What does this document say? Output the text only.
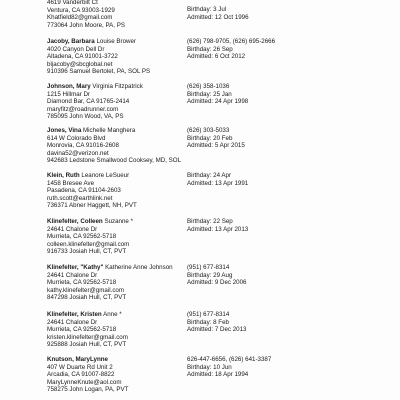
4619 Vanderbilt Ct
Ventura, CA 93003-1929
Khatfield82@gmail.com
773064 John Moore, PA, PS
Birthday: 3 Jul
Admitted: 12 Oct 1996
Jacoby, Barbara Louise Brower
4020 Canyon Dell Dr
Altadena, CA 91001-3722
bljacoby@sbcglobal.net
910396 Samuel Bertolet, PA, SOL PS
(626) 798-9705, (626) 695-2666
Birthday: 26 Sep
Admitted: 6 Oct 2012
Johnson, Mary Virginia Fitzpatrick
1215 Hillmar Dr
Diamond Bar, CA 91765-2414
maryfitz@roadrunner.com
785095 John Wood, VA, PS
(626) 358-1036
Birthday: 25 Jan
Admitted: 24 Apr 1998
Jones, Vina Michelle Manghera
614 W Colorado Blvd
Monrovia, CA 91016-2608
davina52@verizon.net
942683 Ledstone Smallwood Cooksey, MD, SOL
(626) 303-5033
Birthday: 20 Feb
Admitted: 5 Apr 2015
Klein, Ruth Leanore LeSueur
1458 Bresee Ave
Pasadena, CA 91104-2603
ruth.scott@earthlink.net
736371 Abner Haggett, NH, PVT
Birthday: 24 Apr
Admitted: 13 Apr 1991
Klinefelter, Colleen Suzanne *
24641 Chalone Dr
Murrieta, CA 92562-5718
colleen.klinefelter@gmail.com
916733 Josiah Hull, CT, PVT
Birthday: 22 Sep
Admitted: 13 Apr 2013
Klinefelter, "Kathy" Katherine Anne Johnson
24641 Chalone Dr
Murrieta, CA 92562-5718
kathy.klinefelter@gmail.com
847298 Josiah Hull, CT, PVT
(951) 677-8314
Birthday: 29 Aug
Admitted: 9 Dec 2006
Klinefelter, Kristen Anne *
24641 Chalone Dr
Murrieta, CA 92562-5718
kristen.klinefelter@gmail.com
925888 Josiah Hull, CT, PVT
(951) 677-8314
Birthday: 8 Feb
Admitted: 7 Dec 2013
Knutson, MaryLynne
407 W Duarte Rd Unit 2
Arcadia, CA 91007-8822
MaryLynneKnute@aol.com
758275 John Logan, PA, PVT
626-447-6656, (626) 641-3387
Birthday: 10 Jun
Admitted: 18 Apr 1994
